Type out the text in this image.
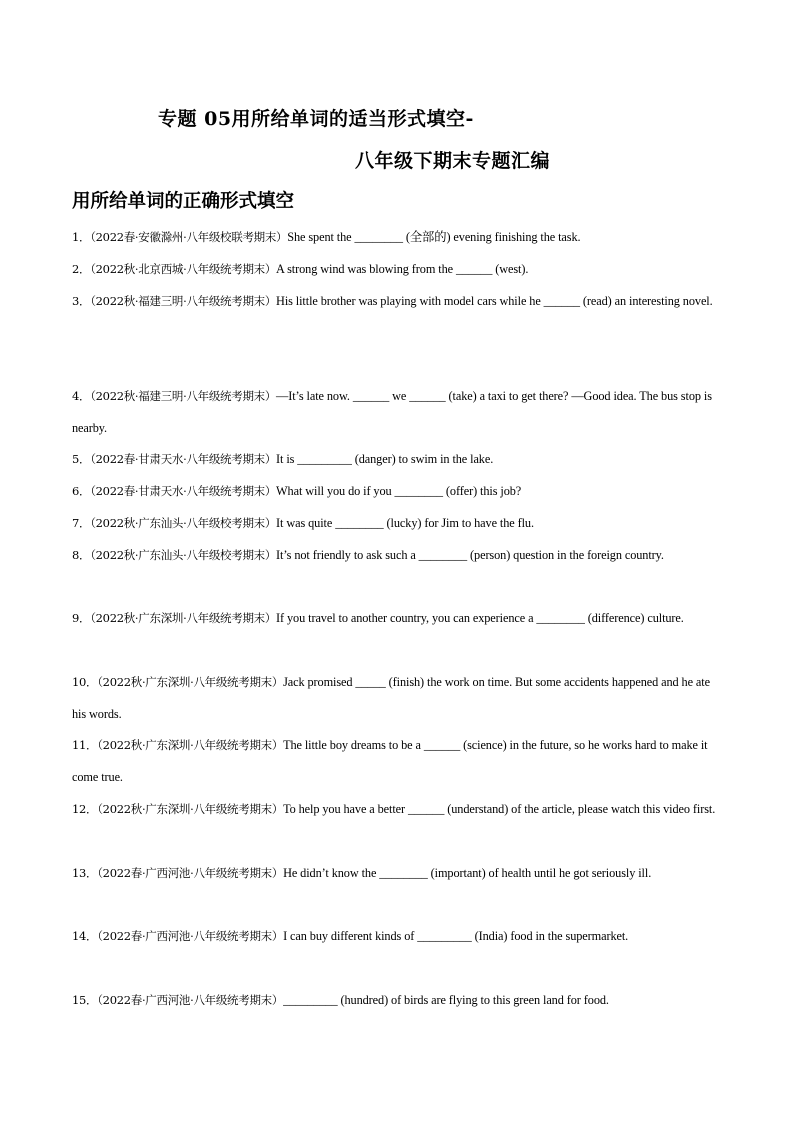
专题 05用所给单词的适当形式填空-
八年级下期末专题汇编
用所给单词的正确形式填空
1．（2022春·安徽滁州·八年级校联考期末）She spent the ________ (全部的) evening finishing the task.
2．（2022秋·北京西城·八年级统考期末）A strong wind was blowing from the ______ (west).
3．（2022秋·福建三明·八年级统考期末）His little brother was playing with model cars while he ______ (read) an interesting novel.
4．（2022秋·福建三明·八年级统考期末）—It’s late now. ______ we ______ (take) a taxi to get there? —Good idea. The bus stop is nearby.
5．（2022春·甘肃天水·八年级统考期末）It is _________ (danger) to swim in the lake.
6．（2022春·甘肃天水·八年级统考期末）What will you do if you ________ (offer) this job?
7．（2022秋·广东汕头·八年级校考期末）It was quite ________ (lucky) for Jim to have the flu.
8．（2022秋·广东汕头·八年级校考期末）It’s not friendly to ask such a ________ (person) question in the foreign country.
9．（2022秋·广东深圳·八年级统考期末）If you travel to another country, you can experience a ________ (difference) culture.
10．（2022秋·广东深圳·八年级统考期末）Jack promised _____ (finish) the work on time. But some accidents happened and he ate his words.
11．（2022秋·广东深圳·八年级统考期末）The little boy dreams to be a ______ (science) in the future, so he works hard to make it come true.
12．（2022秋·广东深圳·八年级统考期末）To help you have a better ______ (understand) of the article, please watch this video first.
13．（2022春·广西河池·八年级统考期末）He didn’t know the ________ (important) of health until he got seriously ill.
14．（2022春·广西河池·八年级统考期末）I can buy different kinds of _________ (India) food in the supermarket.
15．（2022春·广西河池·八年级统考期末）_________ (hundred) of birds are flying to this green land for food.
